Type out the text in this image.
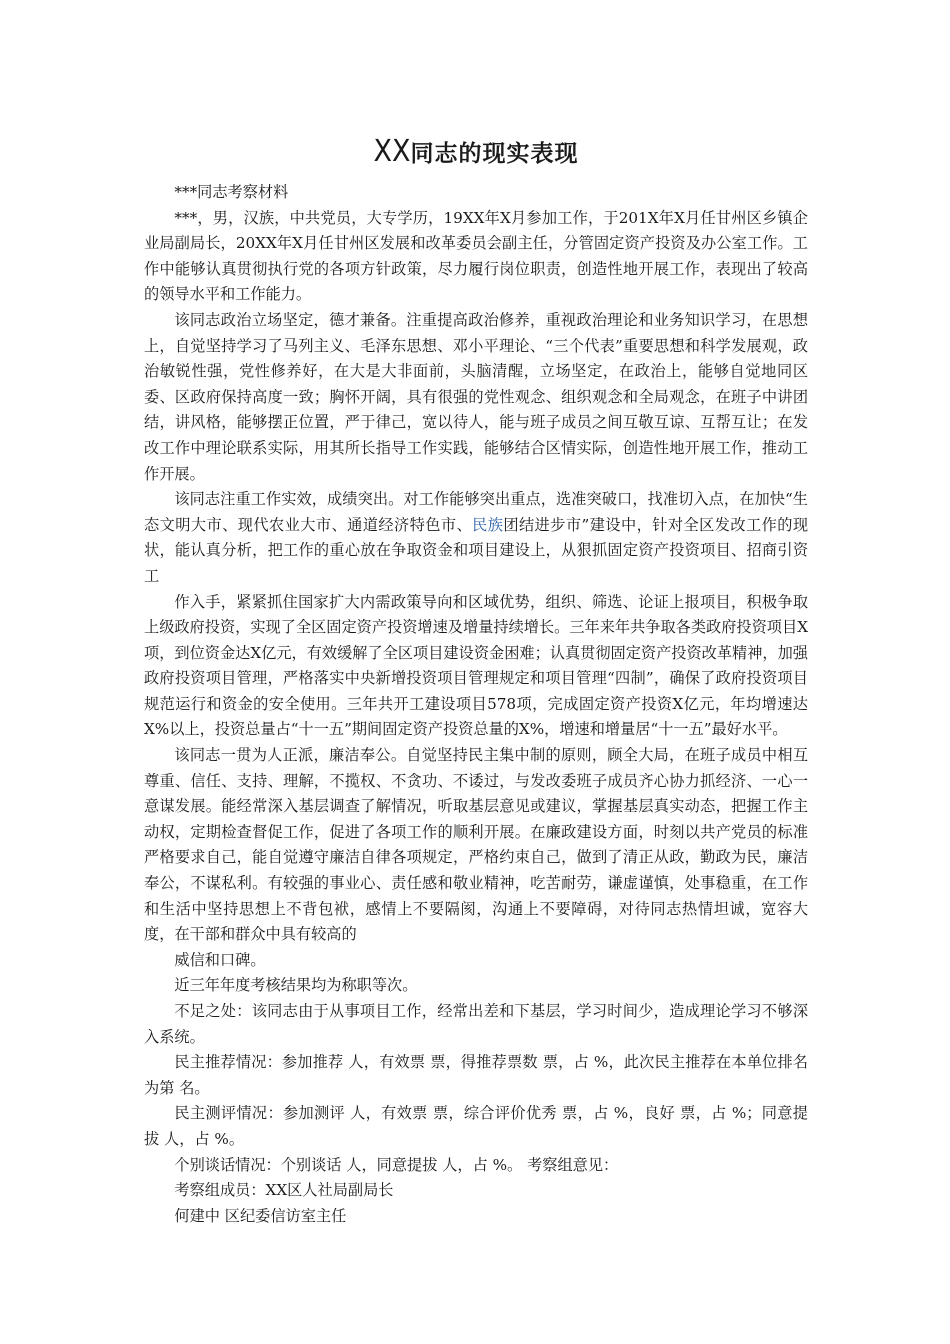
XX同志的现实表现

***同志考察材料

***，男，汉族，中共党员，大专学历，19XX年X月参加工作，于201X年X月任甘州区乡镇企业局副局长，20XX年X月任甘州区发展和改革委员会副主任，分管固定资产投资及办公室工作。工作中能够认真贯彻执行党的各项方针政策，尽力履行岗位职责，创造性地开展工作，表现出了较高的领导水平和工作能力。

该同志政治立场坚定，德才兼备。注重提高政治修养，重视政治理论和业务知识学习，在思想上，自觉坚持学习了马列主义、毛泽东思想、邓小平理论、“三个代表”重要思想和科学发展观，政治敏锐性强，党性修养好，在大是大非面前，头脑清醒，立场坚定，在政治上，能够自觉地同区委、区政府保持高度一致；胸怀开阔，具有很强的党性观念、组织观念和全局观念，在班子中讲团结，讲风格，能够摆正位置，严于律己，宽以待人，能与班子成员之间互敬互谅、互帮互让；在发改工作中理论联系实际，用其所长指导工作实践，能够结合区情实际，创造性地开展工作，推动工作开展。

该同志注重工作实效，成绩突出。对工作能够突出重点，选准突破口，找准切入点，在加快“生态文明大市、现代农业大市、通道经济特色市、民族团结进步市”建设中，针对全区发改工作的现状，能认真分析，把工作的重心放在争取资金和项目建设上，从狠抓固定资产投资项目、招商引资工

作入手，紧紧抓住国家扩大内需政策导向和区域优势，组织、筛选、论证上报项目，积极争取上级政府投资，实现了全区固定资产投资增速及增量持续增长。三年来年共争取各类政府投资项目X项，到位资金达X亿元，有效缓解了全区项目建设资金困难；认真贯彻固定资产投资改革精神，加强政府投资项目管理，严格落实中央新增投资项目管理规定和项目管理“四制”，确保了政府投资项目规范运行和资金的安全使用。三年共开工建设项目578项，完成固定资产投资X亿元，年均增速达X%以上，投资总量占“十一五”期间固定资产投资总量的X%，增速和增量居“十一五”最好水平。

该同志一贯为人正派，廉洁奉公。自觉坚持民主集中制的原则，顾全大局，在班子成员中相互尊重、信任、支持、理解，不揽权、不贪功、不诿过，与发改委班子成员齐心协力抓经济、一心一意谋发展。能经常深入基层调查了解情况，听取基层意见或建议，掌握基层真实动态，把握工作主动权，定期检查督促工作，促进了各项工作的顺利开展。在廉政建设方面，时刻以共产党员的标准严格要求自己，能自觉遵守廉洁自律各项规定，严格约束自己，做到了清正从政，勤政为民，廉洁奉公，不谋私利。有较强的事业心、责任感和敬业精神，吃苦耐劳，谦虚谨慎，处事稳重，在工作和生活中坚持思想上不背包袱，感情上不要隔阂，沟通上不要障碍，对待同志热情坦诚，宽容大度，在干部和群众中具有较高的

威信和口碑。

近三年年度考核结果均为称职等次。

不足之处：该同志由于从事项目工作，经常出差和下基层，学习时间少，造成理论学习不够深入系统。

民主推荐情况：参加推荐 人，有效票 票，得推荐票数 票，占 %，此次民主推荐在本单位排名为第 名。

民主测评情况：参加测评 人，有效票 票，综合评价优秀 票，占 %，良好 票，占 %；同意提拔 人，占 %。

个别谈话情况：个别谈话 人，同意提拔 人，占 %。 考察组意见：

考察组成员：XX区人社局副局长

何建中 区纪委信访室主任
